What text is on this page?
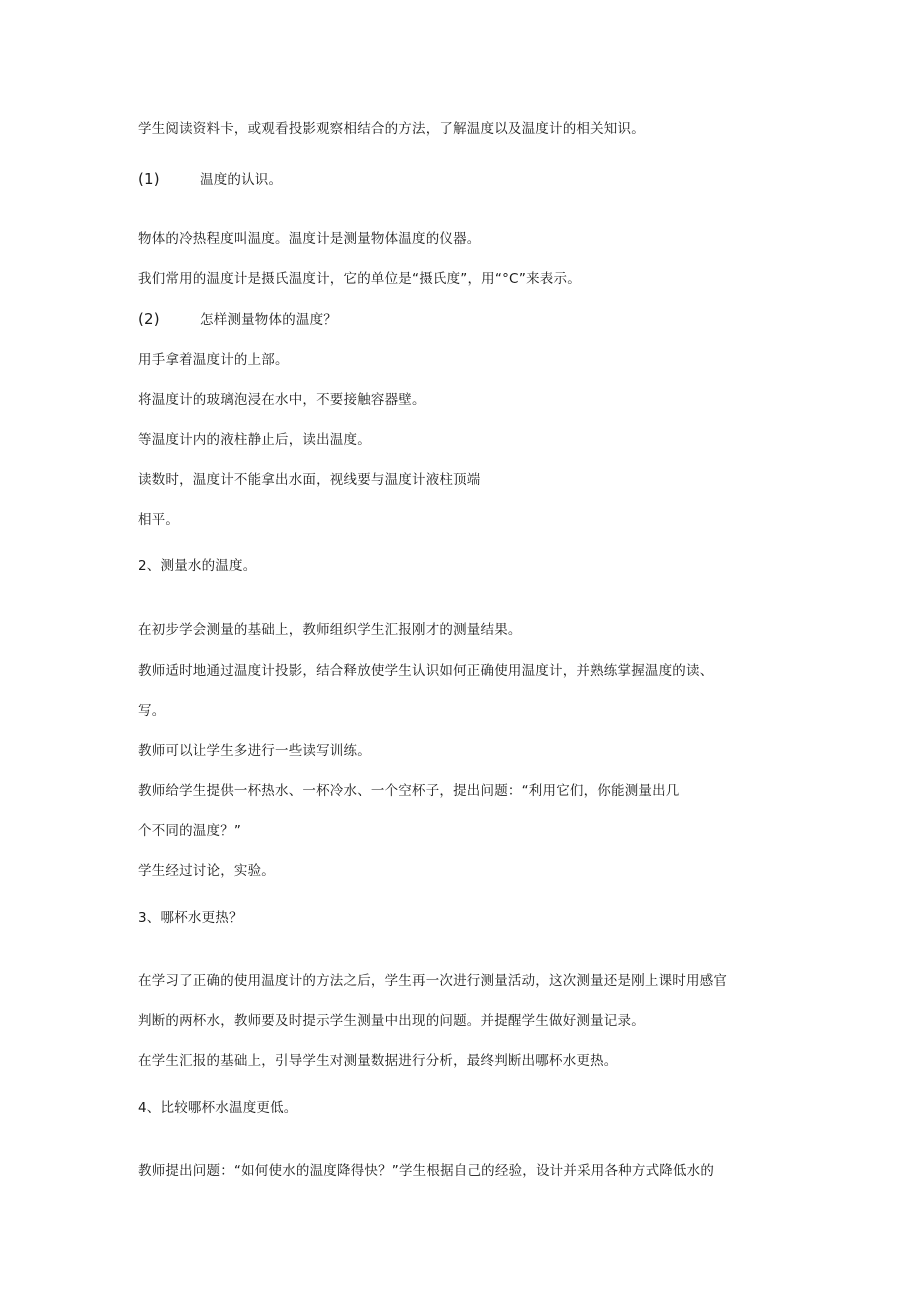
学生阅读资料卡，或观看投影观察相结合的方法，了解温度以及温度计的相关知识。
(1)	温度的认识。
物体的冷热程度叫温度。温度计是测量物体温度的仪器。
我们常用的温度计是摄氏温度计，它的单位是“摄氏度”，用“°C”来表示。
(2)	怎样测量物体的温度？
用手拿着温度计的上部。
将温度计的玻璃泡浸在水中，不要接触容器壁。
等温度计内的液柱静止后，读出温度。
读数时，温度计不能拿出水面，视线要与温度计液柱顶端
相平。
2、测量水的温度。
在初步学会测量的基础上，教师组织学生汇报刚才的测量结果。
教师适时地通过温度计投影，结合释放使学生认识如何正确使用温度计，并熟练掌握温度的读、
写。
教师可以让学生多进行一些读写训练。
教师给学生提供一杯热水、一杯冷水、一个空杯子，提出问题：“利用它们，你能测量出几
个不同的温度？”
学生经过讨论，实验。
3、哪杯水更热？
在学习了正确的使用温度计的方法之后，学生再一次进行测量活动，这次测量还是刚上课时用感官
判断的两杯水，教师要及时提示学生测量中出现的问题。并提醒学生做好测量记录。
在学生汇报的基础上，引导学生对测量数据进行分析，最终判断出哪杯水更热。
4、比较哪杯水温度更低。
教师提出问题：“如何使水的温度降得快？”学生根据自己的经验，设计并采用各种方式降低水的
